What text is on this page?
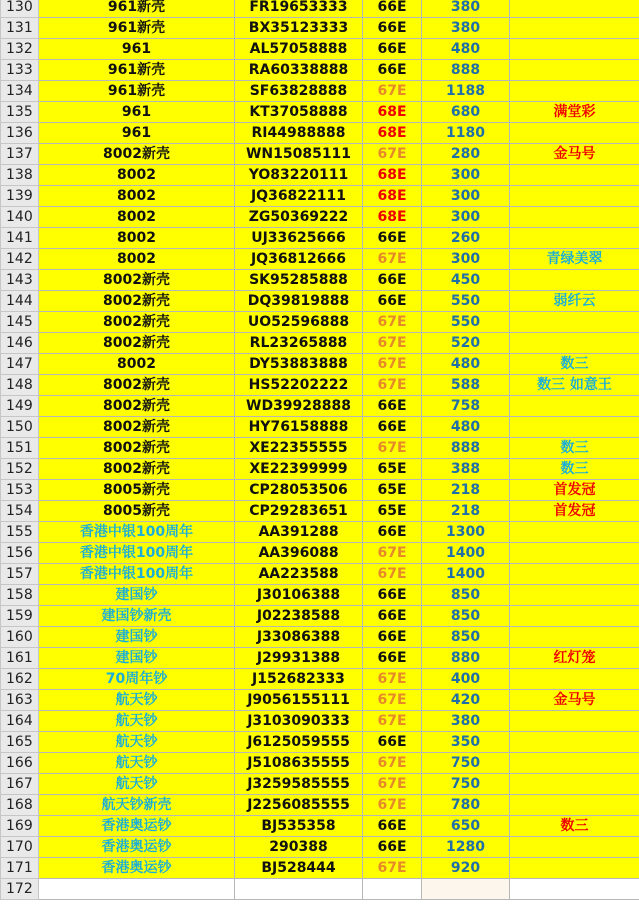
130	961新壳	FR19653333	66E	380	
131	961新壳	BX35123333	66E	380	
132	961	AL57058888	66E	480	
133	961新壳	RA60338888	66E	888	
134	961新壳	SF63828888	67E	1188	
135	961	KT37058888	68E	680	满堂彩
136	961	RI44988888	68E	1180	
137	8002新壳	WN15085111	67E	280	金马号
138	8002	YO83220111	68E	300	
139	8002	JQ36822111	68E	300	
140	8002	ZG50369222	68E	300	
141	8002	UJ33625666	66E	260	
142	8002	JQ36812666	67E	300	青绿美翠
143	8002新壳	SK95285888	66E	450	
144	8002新壳	DQ39819888	66E	550	弱纤云
145	8002新壳	UO52596888	67E	550	
146	8002新壳	RL23265888	67E	520	
147	8002	DY53883888	67E	480	数三
148	8002新壳	HS52202222	67E	588	数三 如意王
149	8002新壳	WD39928888	66E	758	
150	8002新壳	HY76158888	66E	480	
151	8002新壳	XE22355555	67E	888	数三
152	8002新壳	XE22399999	65E	388	数三
153	8005新壳	CP28053506	65E	218	首发冠
154	8005新壳	CP29283651	65E	218	首发冠
155	香港中银100周年	AA391288	66E	1300	
156	香港中银100周年	AA396088	67E	1400	
157	香港中银100周年	AA223588	67E	1400	
158	建国钞	J30106388	66E	850	
159	建国钞新壳	J02238588	66E	850	
160	建国钞	J33086388	66E	850	
161	建国钞	J29931388	66E	880	红灯笼
162	70周年钞	J152682333	67E	400	
163	航天钞	J9056155111	67E	420	金马号
164	航天钞	J3103090333	67E	380	
165	航天钞	J6125059555	66E	350	
166	航天钞	J5108635555	67E	750	
167	航天钞	J3259585555	67E	750	
168	航天钞新壳	J2256085555	67E	780	
169	香港奥运钞	BJ535358	66E	650	数三
170	香港奥运钞	290388	66E	1280	
171	香港奥运钞	BJ528444	67E	920	
172					
